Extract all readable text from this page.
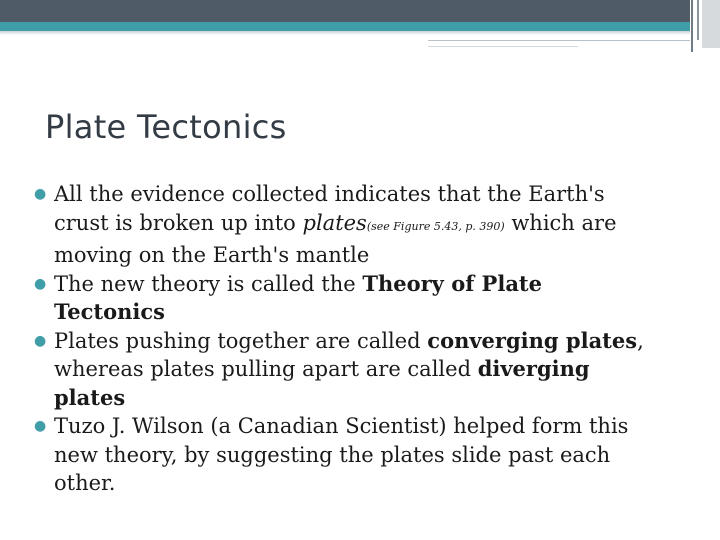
Plate Tectonics
● All the evidence collected indicates that the Earth's
crust is broken up into plates(see Figure 5.43, p. 390) which are
moving on the Earth's mantle
● The new theory is called the Theory of Plate
Tectonics
● Plates pushing together are called converging plates,
whereas plates pulling apart are called diverging
plates
● Tuzo J. Wilson (a Canadian Scientist) helped form this
new theory, by suggesting the plates slide past each
other.
